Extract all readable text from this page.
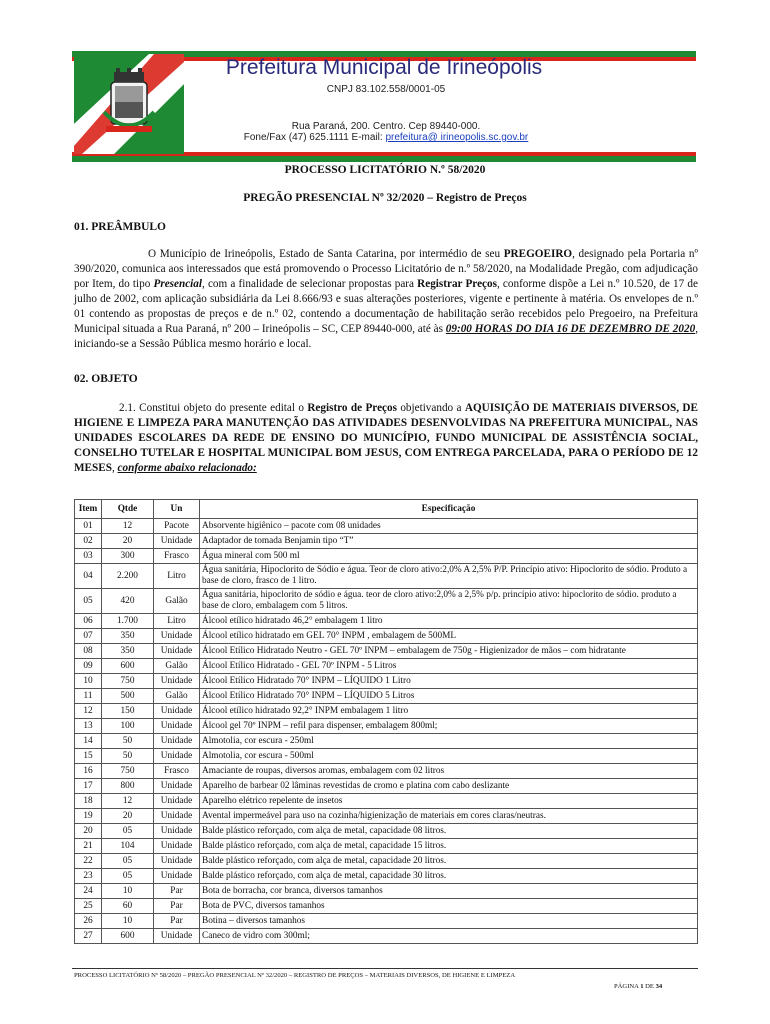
Prefeitura Municipal de Irineópolis
CNPJ 83.102.558/0001-05
Rua Paraná, 200. Centro. Cep 89440-000.
Fone/Fax (47) 625.1111 E-mail: prefeitura@ irineopolis.sc.gov.br
PROCESSO LICITATÓRIO N.º 58/2020
PREGÃO PRESENCIAL Nº 32/2020 – Registro de Preços
01. PREÂMBULO
O Município de Irineópolis, Estado de Santa Catarina, por intermédio de seu PREGOEIRO, designado pela Portaria nº 390/2020, comunica aos interessados que está promovendo o Processo Licitatório de n.º 58/2020, na Modalidade Pregão, com adjudicação por Item, do tipo Presencial, com a finalidade de selecionar propostas para Registrar Preços, conforme dispõe a Lei n.º 10.520, de 17 de julho de 2002, com aplicação subsidiária da Lei 8.666/93 e suas alterações posteriores, vigente e pertinente à matéria. Os envelopes de n.º 01 contendo as propostas de preços e de n.º 02, contendo a documentação de habilitação serão recebidos pelo Pregoeiro, na Prefeitura Municipal situada a Rua Paraná, nº 200 – Irineópolis – SC, CEP 89440-000, até às 09:00 HORAS DO DIA 16 DE DEZEMBRO DE 2020, iniciando-se a Sessão Pública mesmo horário e local.
02. OBJETO
2.1. Constitui objeto do presente edital o Registro de Preços objetivando a AQUISIÇÃO DE MATERIAIS DIVERSOS, DE HIGIENE E LIMPEZA PARA MANUTENÇÃO DAS ATIVIDADES DESENVOLVIDAS NA PREFEITURA MUNICIPAL, NAS UNIDADES ESCOLARES DA REDE DE ENSINO DO MUNICÍPIO, FUNDO MUNICIPAL DE ASSISTÊNCIA SOCIAL, CONSELHO TUTELAR E HOSPITAL MUNICIPAL BOM JESUS, COM ENTREGA PARCELADA, PARA O PERÍODO DE 12 MESES, conforme abaixo relacionado:
Item	Qtde	Un	Especificação
01	12	Pacote	Absorvente higiênico – pacote com 08 unidades
02	20	Unidade	Adaptador de tomada Benjamin tipo “T”
03	300	Frasco	Água mineral com 500 ml
04	2.200	Litro	Água sanitária, Hipoclorito de Sódio e água. Teor de cloro ativo:2,0% A 2,5% P/P. Princípio ativo: Hipoclorito de sódio. Produto a base de cloro, frasco de 1 litro.
05	420	Galão	Água sanitária, hipoclorito de sódio e água. teor de cloro ativo:2,0% a 2,5% p/p. princípio ativo: hipoclorito de sódio. produto a base de cloro, embalagem com 5 litros.
06	1.700	Litro	Álcool etílico hidratado 46,2° embalagem 1 litro
07	350	Unidade	Álcool etílico hidratado em GEL 70° INPM , embalagem de 500ML
08	350	Unidade	Álcool Etílico Hidratado Neutro - GEL 70º INPM – embalagem de 750g - Higienizador de mãos – com hidratante
09	600	Galão	Álcool Etílico Hidratado - GEL 70º INPM - 5 Litros
10	750	Unidade	Álcool Etílico Hidratado 70° INPM – LÍQUIDO 1 Litro
11	500	Galão	Álcool Etílico Hidratado 70° INPM – LÍQUIDO 5 Litros
12	150	Unidade	Álcool etílico hidratado 92,2° INPM embalagem 1 litro
13	100	Unidade	Álcool gel 70º INPM – refil para dispenser, embalagem 800ml;
14	50	Unidade	Almotolia, cor escura - 250ml
15	50	Unidade	Almotolia, cor escura - 500ml
16	750	Frasco	Amaciante de roupas, diversos aromas, embalagem com 02 litros
17	800	Unidade	Aparelho de barbear 02 lâminas revestidas de cromo e platina com cabo deslizante
18	12	Unidade	Aparelho elétrico repelente de insetos
19	20	Unidade	Avental impermeável para uso na cozinha/higienização de materiais em cores claras/neutras.
20	05	Unidade	Balde plástico reforçado, com alça de metal, capacidade 08 litros.
21	104	Unidade	Balde plástico reforçado, com alça de metal, capacidade 15 litros.
22	05	Unidade	Balde plástico reforçado, com alça de metal, capacidade 20 litros.
23	05	Unidade	Balde plástico reforçado, com alça de metal, capacidade 30 litros.
24	10	Par	Bota de borracha, cor branca, diversos tamanhos
25	60	Par	Bota de PVC, diversos tamanhos
26	10	Par	Botina – diversos tamanhos
27	600	Unidade	Caneco de vidro com 300ml;
PROCESSO LICITATÓRIO Nº 58/2020 – PREGÃO PRESENCIAL Nº 32/2020 – REGISTRO DE PREÇOS – MATERIAIS DIVERSOS, DE HIGIENE E LIMPEZA
PÁGINA 1 DE 34
